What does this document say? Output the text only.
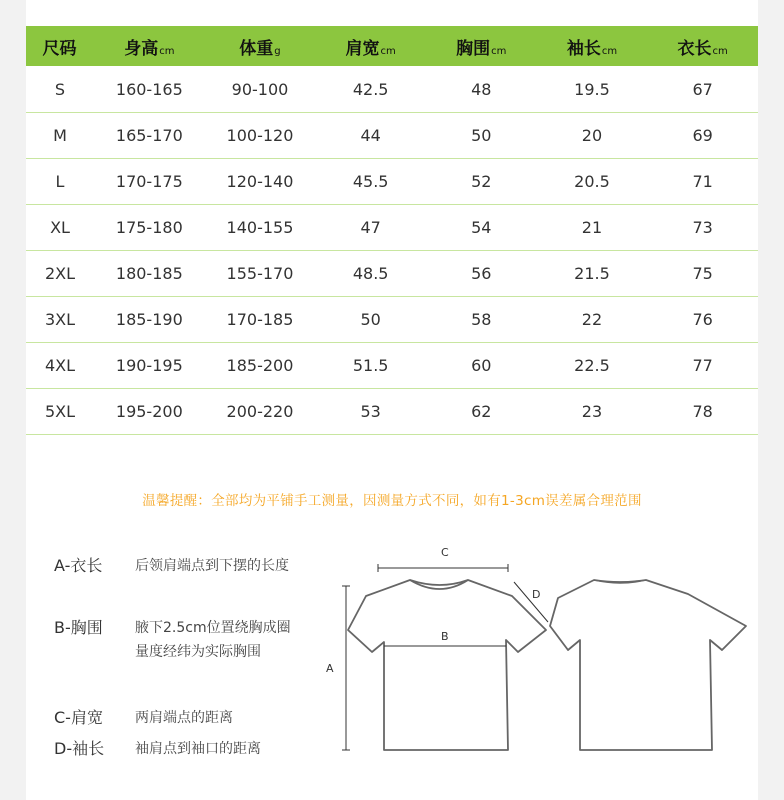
尺码	身高cm	体重g	肩宽cm	胸围cm	袖长cm	衣长cm
S	160-165	90-100	42.5	48	19.5	67
M	165-170	100-120	44	50	20	69
L	170-175	120-140	45.5	52	20.5	71
XL	175-180	140-155	47	54	21	73
2XL	180-185	155-170	48.5	56	21.5	75
3XL	185-190	170-185	50	58	22	76
4XL	190-195	185-200	51.5	60	22.5	77
5XL	195-200	200-220	53	62	23	78
温馨提醒：全部均为平铺手工测量，因测量方式不同，如有1-3cm误差属合理范围
A-衣长 后领肩端点到下摆的长度
B-胸围 腋下2.5cm位置绕胸成圈量度经纬为实际胸围
C-肩宽 两肩端点的距离
D-袖长 袖肩点到袖口的距离
C
D
A
B
